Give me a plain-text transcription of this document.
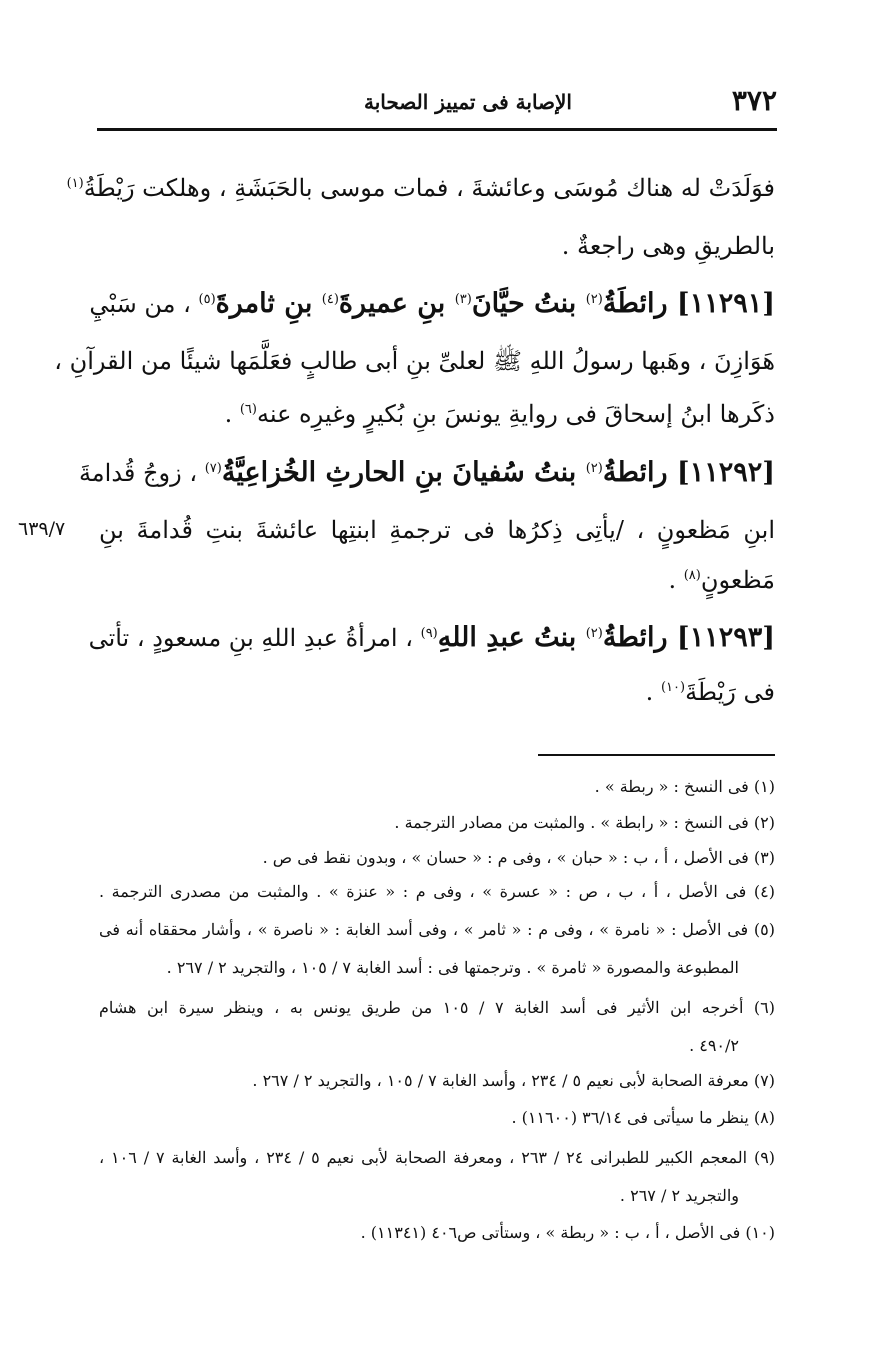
٣٧٢
الإصابة فى تمييز الصحابة
فوَلَدَتْ له هناك مُوسَى وعائشةَ ، فمات موسى بالحَبَشَةِ ، وهلكت رَيْطَةُ$^{(١)}$
بالطريقِ وهى راجعةٌ .
[١١٢٩١] رائطَةُ$^{(٢)}$ بنتُ حيَّانَ$^{(٣)}$ بنِ عميرةَ$^{(٤)}$ بنِ ثامرةَ$^{(٥)}$ ، من سَبْيِ
هَوَازِنَ ، وهَبها رسولُ اللهِ ﷺ لعلىِّ بنِ أبى طالبٍ فعَلَّمَها شيئًا من القرآنِ ،
ذكَرها ابنُ إسحاقَ فى روايةِ يونسَ بنِ بُكيرٍ وغيرِه عنه$^{(٦)}$ .
[١١٢٩٢] رائطةُ$^{(٢)}$ بنتُ سُفيانَ بنِ الحارثِ الخُزاعِيَّةُ$^{(٧)}$ ، زوجُ قُدامةَ
ابنِ مَظعونٍ ، /يأتِى ذِكرُها فى ترجمةِ ابنتِها عائشةَ بنتِ قُدامةَ بنِ
٦٣٩/٧
مَظعونٍ$^{(٨)}$ .
[١١٢٩٣] رائطةُ$^{(٢)}$ بنتُ عبدِ اللهِ$^{(٩)}$ ، امرأةُ عبدِ اللهِ بنِ مسعودٍ ، تأتى
فى رَيْطَةَ$^{(١٠)}$ .
(١) فى النسخ : « ربطة » .
(٢) فى النسخ : « رابطة » . والمثبت من مصادر الترجمة .
(٣) فى الأصل ، أ ، ب : « حبان » ، وفى م : « حسان » ، وبدون نقط فى ص .
(٤) فى الأصل ، أ ، ب ، ص : « عسرة » ، وفى م : « عنزة » . والمثبت من مصدرى الترجمة .
(٥) فى الأصل : « نامرة » ، وفى م : « ثامر » ، وفى أسد الغابة : « ناصرة » ، وأشار محققاه أنه فى
المطبوعة والمصورة « ثامرة » . وترجمتها فى : أسد الغابة ٧ / ١٠٥ ، والتجريد ٢ / ٢٦٧ .
(٦) أخرجه ابن الأثير فى أسد الغابة ٧ / ١٠٥ من طريق يونس به ، وينظر سيرة ابن هشام
٤٩٠/٢ .
(٧) معرفة الصحابة لأبى نعيم ٥ / ٢٣٤ ، وأسد الغابة ٧ / ١٠٥ ، والتجريد ٢ / ٢٦٧ .
(٨) ينظر ما سيأتى فى ٣٦/١٤ (١١٦٠٠) .
(٩) المعجم الكبير للطبرانى ٢٤ / ٢٦٣ ، ومعرفة الصحابة لأبى نعيم ٥ / ٢٣٤ ، وأسد الغابة ٧ / ١٠٦ ،
والتجريد ٢ / ٢٦٧ .
(١٠) فى الأصل ، أ ، ب : « ربطة » ، وستأتى ص٤٠٦ (١١٣٤١) .
